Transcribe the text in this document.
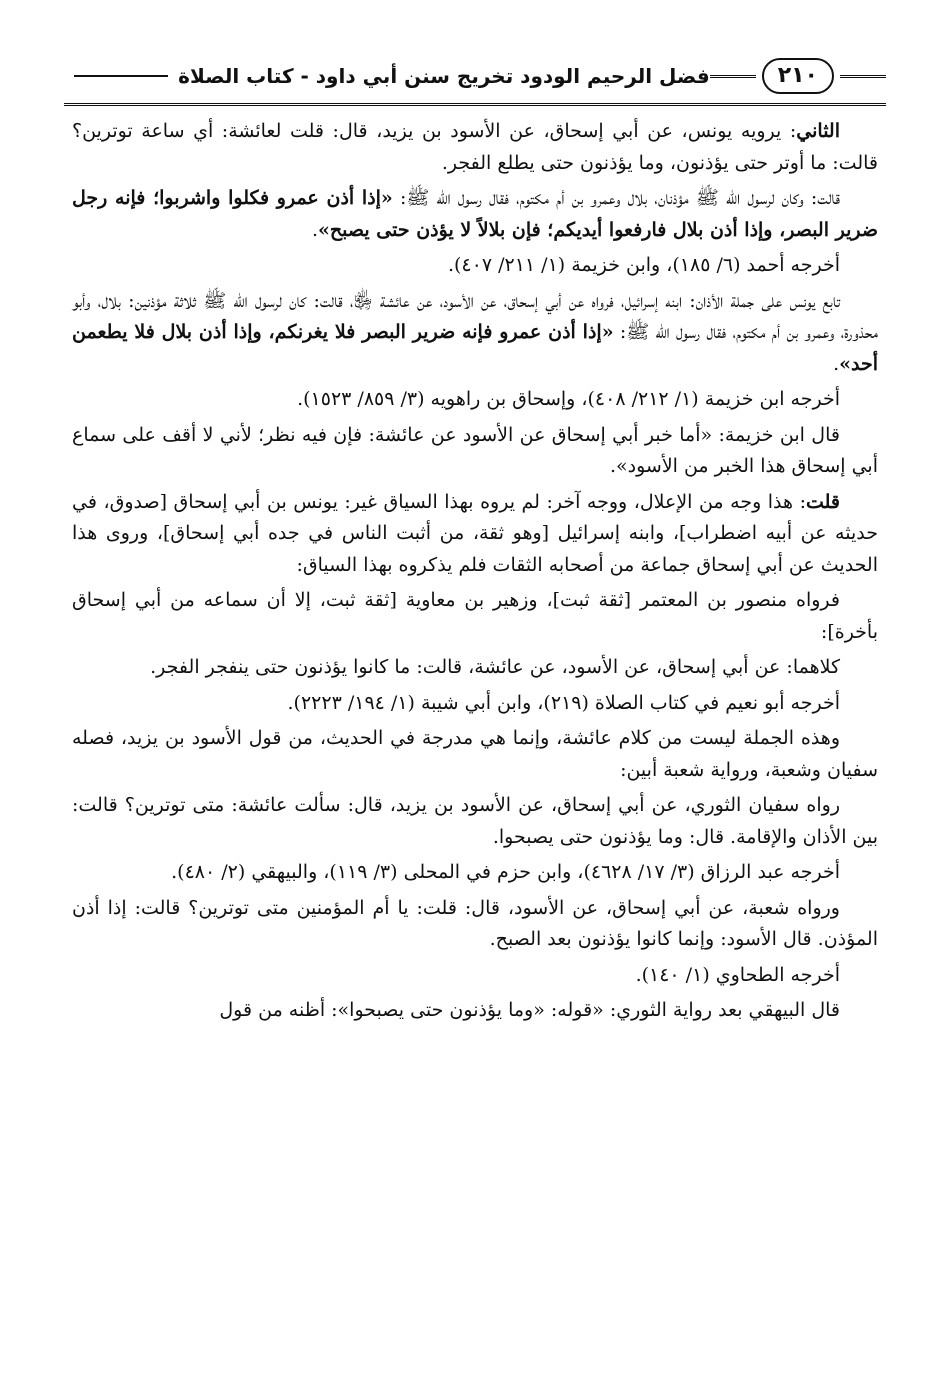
٢١٠
فضل الرحيم الودود تخريج سنن أبي داود - كتاب الصلاة

الثاني: يرويه يونس، عن أبي إسحاق، عن الأسود بن يزيد، قال: قلت لعائشة: أي ساعة توترين؟ قالت: ما أوتر حتى يؤذنون، وما يؤذنون حتى يطلع الفجر.

قالت: وكان لرسول الله ﷺ مؤذنان، بلال وعمرو بن أم مكتوم، فقال رسول الله ﷺ: «إذا أذن عمرو فكلوا واشربوا؛ فإنه رجل ضرير البصر، وإذا أذن بلال فارفعوا أيديكم؛ فإن بلالاً لا يؤذن حتى يصبح».

أخرجه أحمد (٦/ ١٨٥)، وابن خزيمة (١/ ٢١١/ ٤٠٧).

تابع يونس على جملة الأذان: ابنه إسرائيل، فرواه عن أبي إسحاق، عن الأسود، عن عائشة ﵂، قالت: كان لرسول الله ﷺ ثلاثة مؤذنين: بلال، وأبو محذورة، وعمرو بن أم مكتوم، فقال رسول الله ﷺ: «إذا أذن عمرو فإنه ضرير البصر فلا يغرنكم، وإذا أذن بلال فلا يطعمن أحد».

أخرجه ابن خزيمة (١/ ٢١٢/ ٤٠٨)، وإسحاق بن راهويه (٣/ ٨٥٩/ ١٥٢٣).

قال ابن خزيمة: «أما خبر أبي إسحاق عن الأسود عن عائشة: فإن فيه نظر؛ لأني لا أقف على سماع أبي إسحاق هذا الخبر من الأسود».

قلت: هذا وجه من الإعلال، ووجه آخر: لم يروه بهذا السياق غير: يونس بن أبي إسحاق [صدوق، في حديثه عن أبيه اضطراب]، وابنه إسرائيل [وهو ثقة، من أثبت الناس في جده أبي إسحاق]، وروى هذا الحديث عن أبي إسحاق جماعة من أصحابه الثقات فلم يذكروه بهذا السياق:

فرواه منصور بن المعتمر [ثقة ثبت]، وزهير بن معاوية [ثقة ثبت، إلا أن سماعه من أبي إسحاق بأخرة]:

كلاهما: عن أبي إسحاق، عن الأسود، عن عائشة، قالت: ما كانوا يؤذنون حتى ينفجر الفجر.

أخرجه أبو نعيم في كتاب الصلاة (٢١٩)، وابن أبي شيبة (١/ ١٩٤/ ٢٢٢٣).

وهذه الجملة ليست من كلام عائشة، وإنما هي مدرجة في الحديث، من قول الأسود بن يزيد، فصله سفيان وشعبة، ورواية شعبة أبين:

رواه سفيان الثوري، عن أبي إسحاق، عن الأسود بن يزيد، قال: سألت عائشة: متى توترين؟ قالت: بين الأذان والإقامة. قال: وما يؤذنون حتى يصبحوا.

أخرجه عبد الرزاق (٣/ ١٧/ ٤٦٢٨)، وابن حزم في المحلى (٣/ ١١٩)، والبيهقي (٢/ ٤٨٠).

ورواه شعبة، عن أبي إسحاق، عن الأسود، قال: قلت: يا أم المؤمنين متى توترين؟ قالت: إذا أذن المؤذن. قال الأسود: وإنما كانوا يؤذنون بعد الصبح.

أخرجه الطحاوي (١/ ١٤٠).

قال البيهقي بعد رواية الثوري: «قوله: «وما يؤذنون حتى يصبحوا»: أظنه من قول
